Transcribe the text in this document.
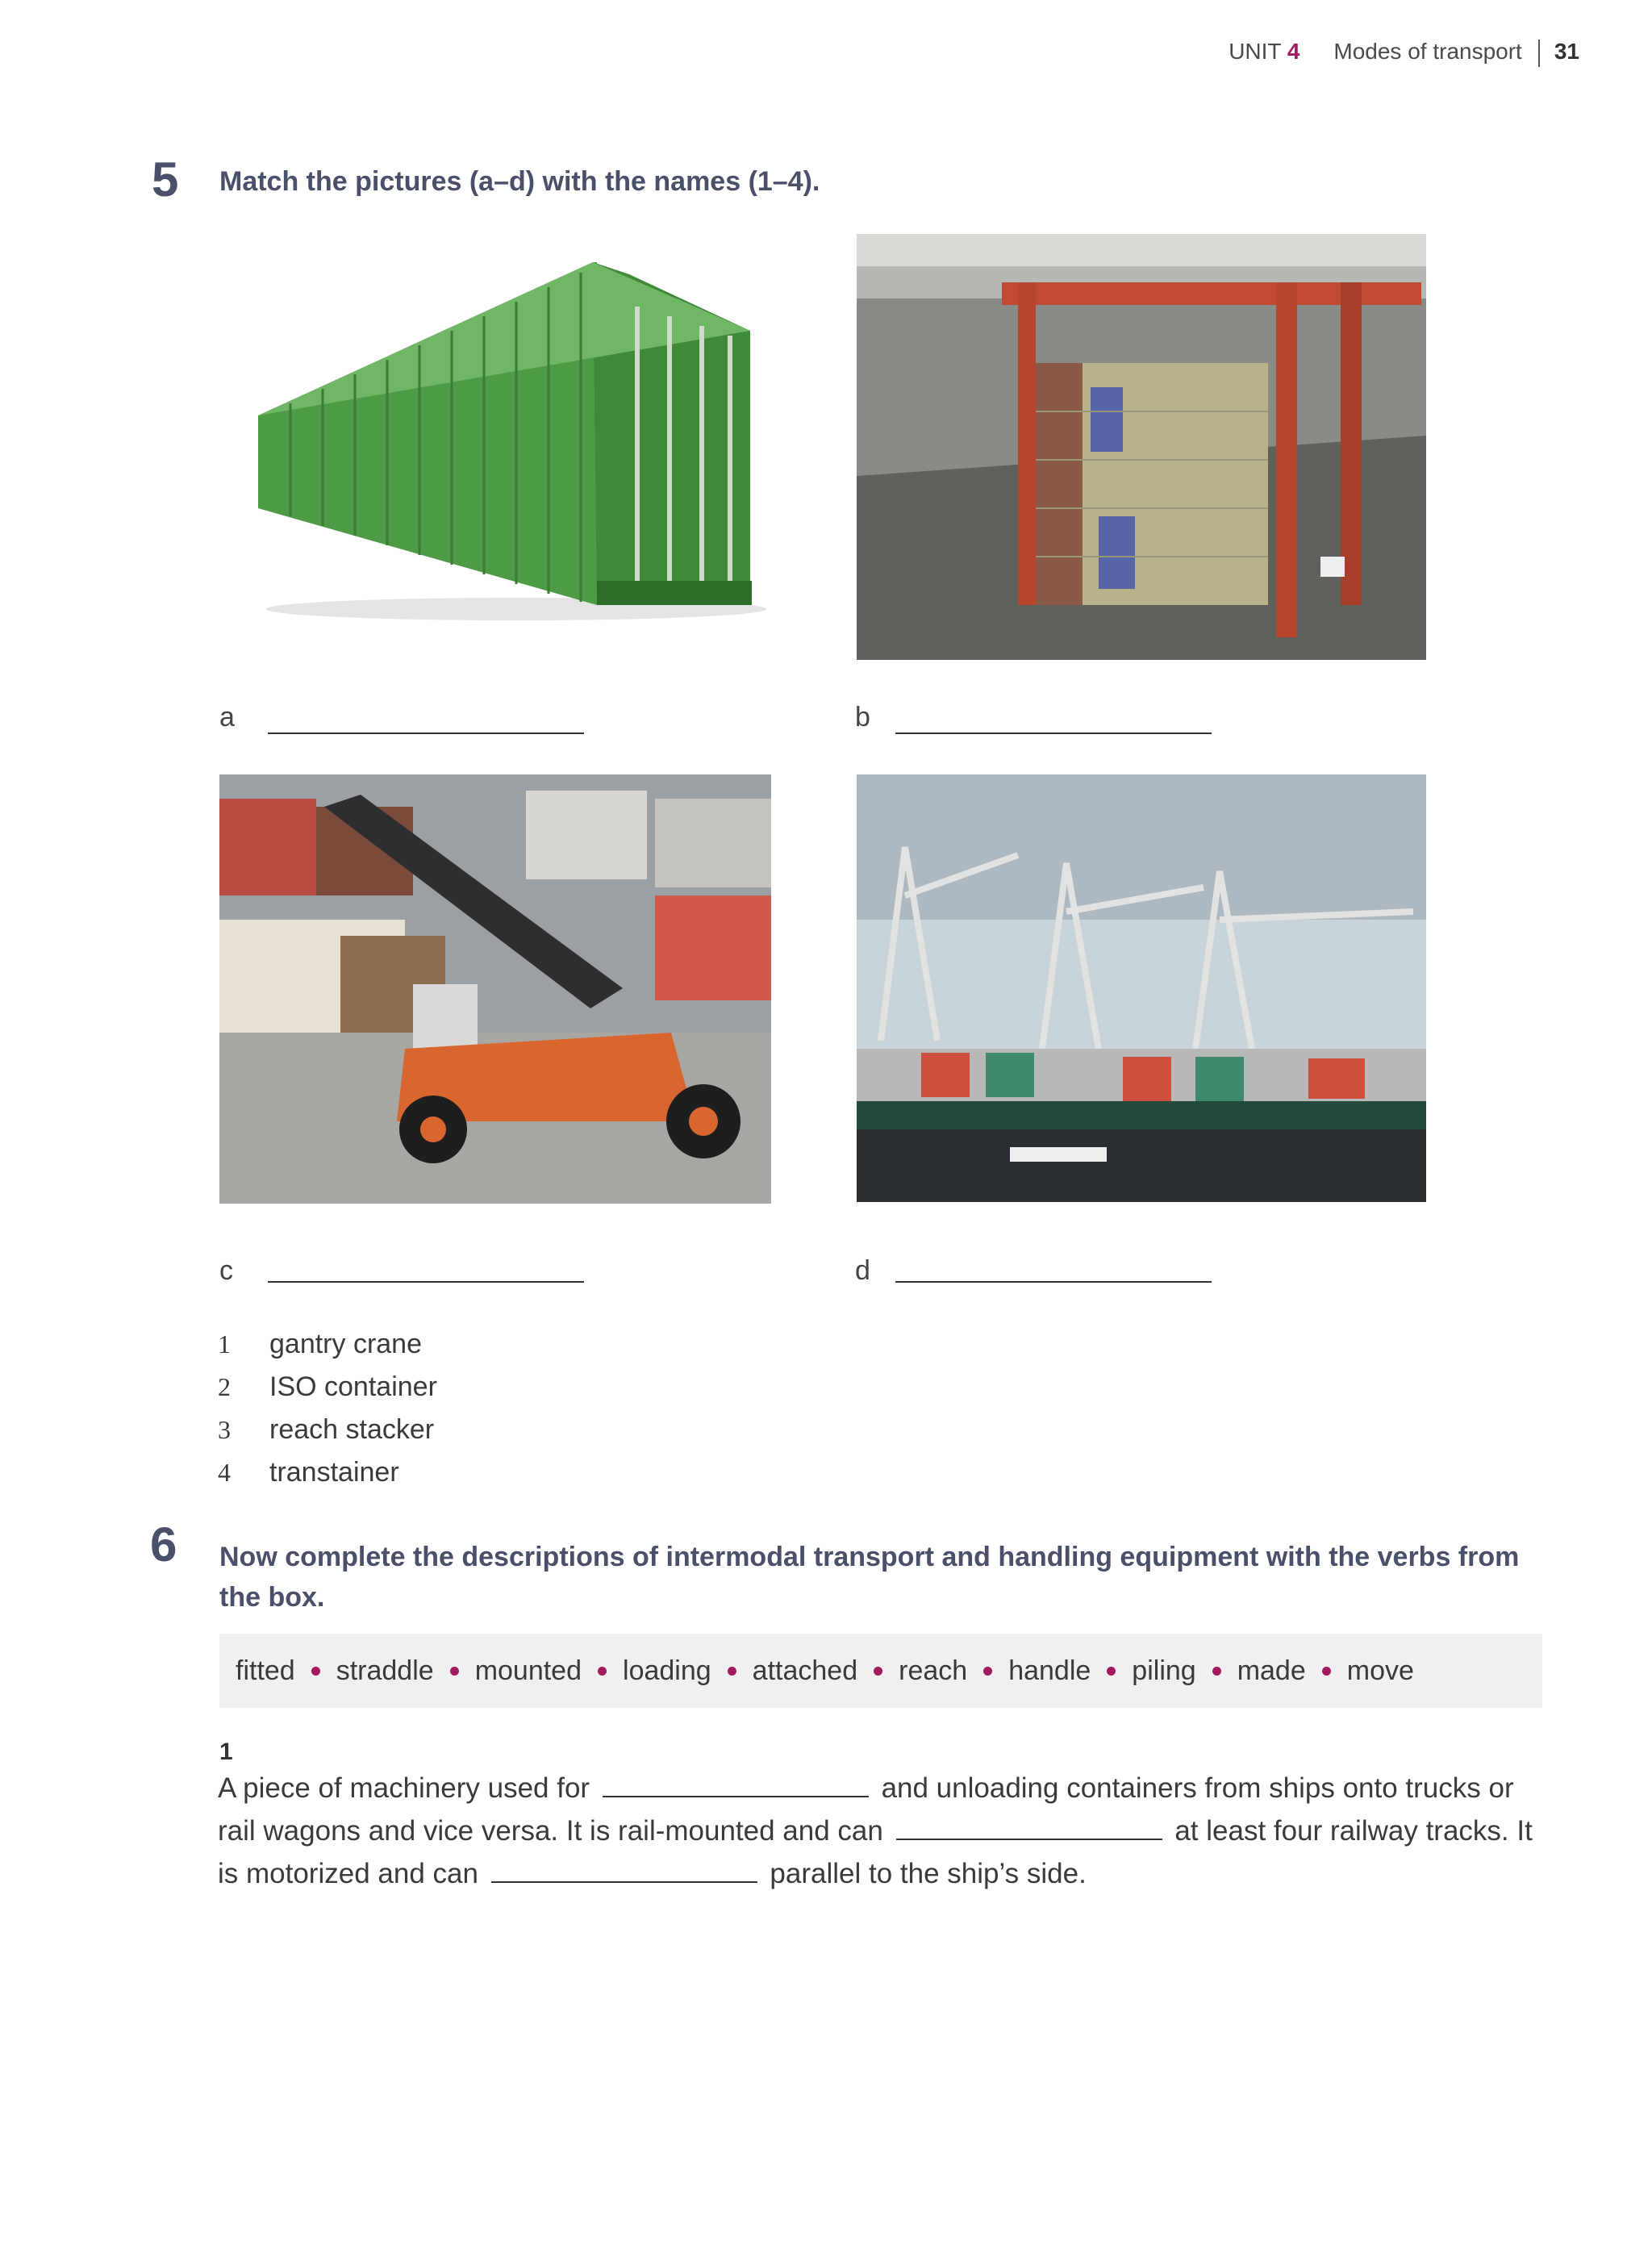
UNIT 4 Modes of transport 31
5 Match the pictures (a–d) with the names (1–4).
a	b
c	d
1	gantry crane
2	ISO container
3	reach stacker
4	transtainer
6 Now complete the descriptions of intermodal transport and handling equipment with the verbs from the box.
fitted straddle mounted loading attached reach handle piling made move
1
A piece of machinery used for	and unloading containers from ships onto trucks or rail wagons and vice versa. It is rail-mounted and can	at least four railway tracks. It is motorized and can	parallel to the ship’s side.
